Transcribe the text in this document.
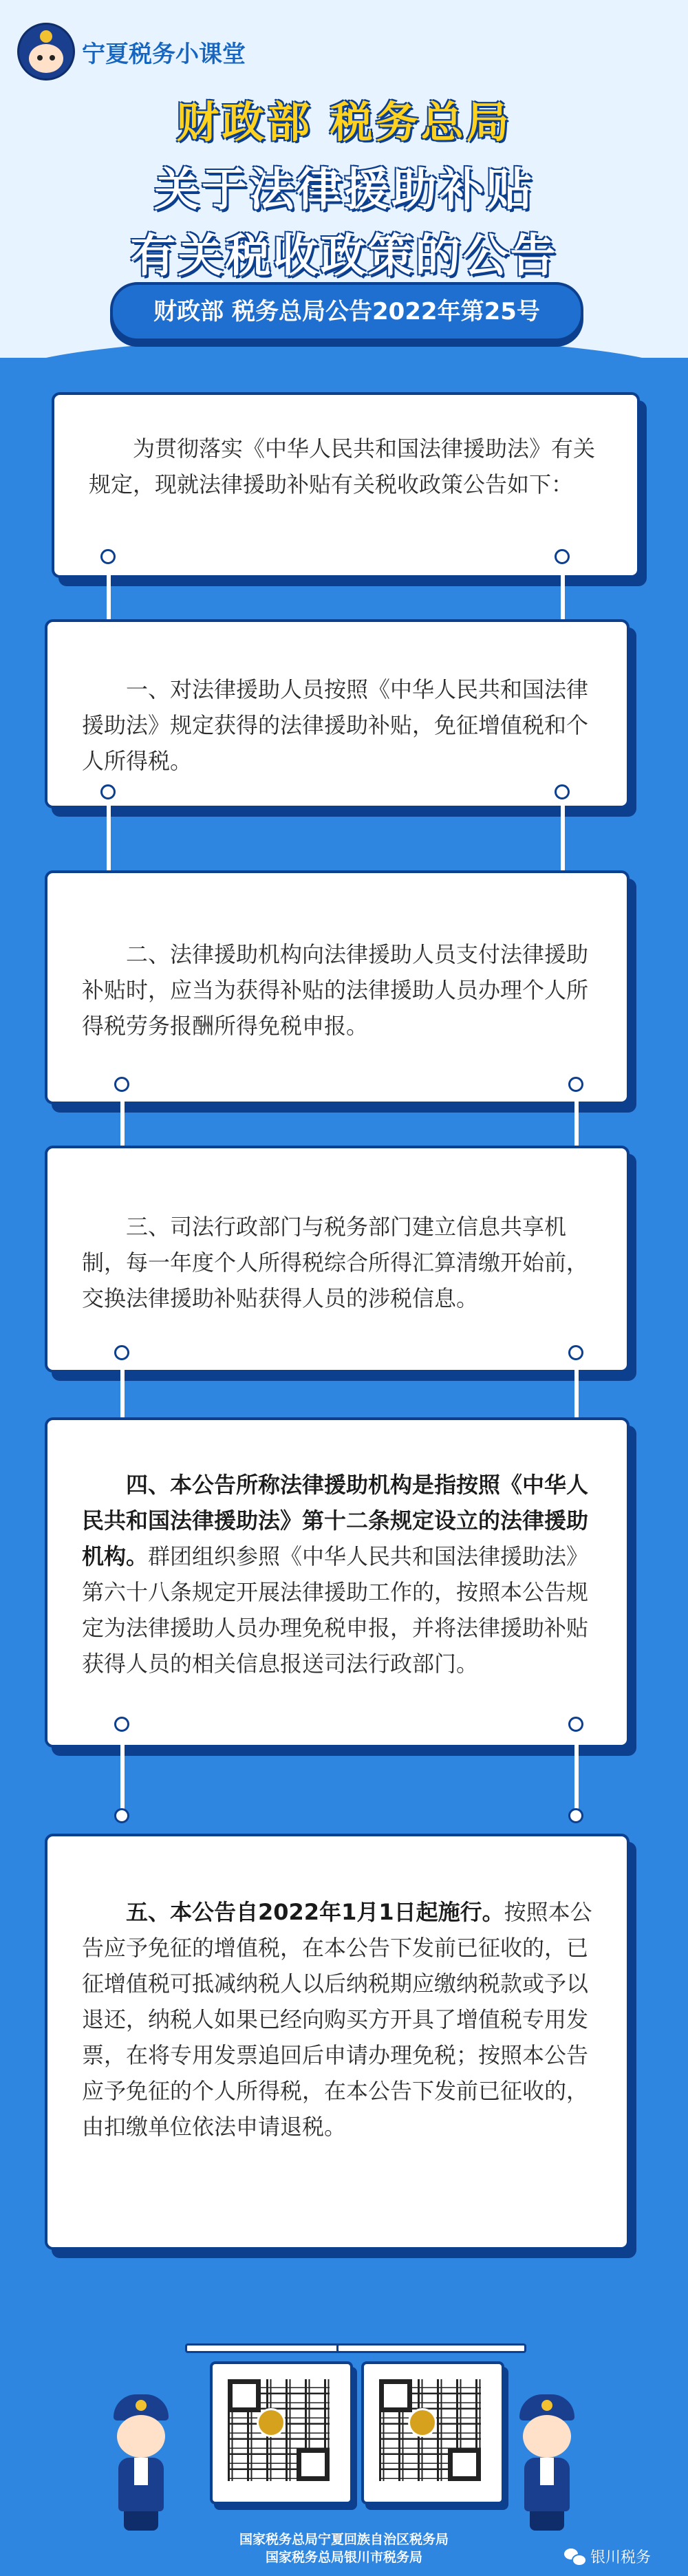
宁夏税务小课堂
财政部 税务总局
关于法律援助补贴
有关税收政策的公告
财政部 税务总局公告2022年第25号

为贯彻落实《中华人民共和国法律援助法》有关规定，现就法律援助补贴有关税收政策公告如下：

一、对法律援助人员按照《中华人民共和国法律援助法》规定获得的法律援助补贴，免征增值税和个人所得税。

二、法律援助机构向法律援助人员支付法律援助补贴时，应当为获得补贴的法律援助人员办理个人所得税劳务报酬所得免税申报。

三、司法行政部门与税务部门建立信息共享机制，每一年度个人所得税综合所得汇算清缴开始前，交换法律援助补贴获得人员的涉税信息。

四、本公告所称法律援助机构是指按照《中华人民共和国法律援助法》第十二条规定设立的法律援助机构。群团组织参照《中华人民共和国法律援助法》第六十八条规定开展法律援助工作的，按照本公告规定为法律援助人员办理免税申报，并将法律援助补贴获得人员的相关信息报送司法行政部门。

五、本公告自2022年1月1日起施行。按照本公告应予免征的增值税，在本公告下发前已征收的，已征增值税可抵减纳税人以后纳税期应缴纳税款或予以退还，纳税人如果已经向购买方开具了增值税专用发票，在将专用发票追回后申请办理免税；按照本公告应予免征的个人所得税，在本公告下发前已征收的，由扣缴单位依法申请退税。

国家税务总局宁夏回族自治区税务局
国家税务总局银川市税务局	银川税务
